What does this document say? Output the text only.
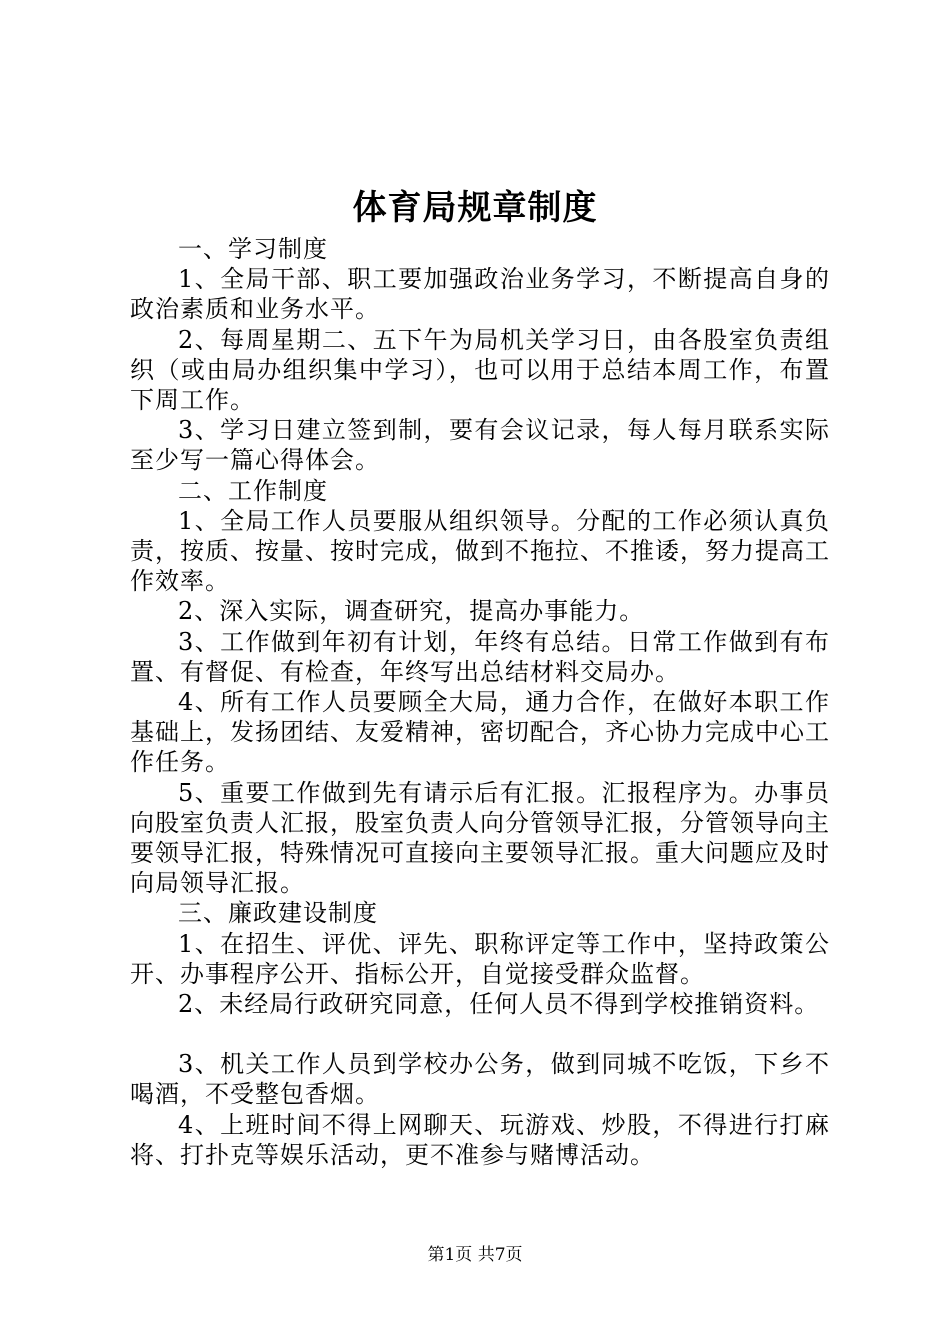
体育局规章制度

一、学习制度

1、全局干部、职工要加强政治业务学习，不断提高自身的政治素质和业务水平。

2、每周星期二、五下午为局机关学习日，由各股室负责组织（或由局办组织集中学习），也可以用于总结本周工作，布置下周工作。

3、学习日建立签到制，要有会议记录，每人每月联系实际至少写一篇心得体会。

二、工作制度

1、全局工作人员要服从组织领导。分配的工作必须认真负责，按质、按量、按时完成，做到不拖拉、不推诿，努力提高工作效率。

2、深入实际，调查研究，提高办事能力。

3、工作做到年初有计划，年终有总结。日常工作做到有布置、有督促、有检查，年终写出总结材料交局办。

4、所有工作人员要顾全大局，通力合作，在做好本职工作基础上，发扬团结、友爱精神，密切配合，齐心协力完成中心工作任务。

5、重要工作做到先有请示后有汇报。汇报程序为。办事员向股室负责人汇报，股室负责人向分管领导汇报，分管领导向主要领导汇报，特殊情况可直接向主要领导汇报。重大问题应及时向局领导汇报。

三、廉政建设制度

1、在招生、评优、评先、职称评定等工作中，坚持政策公开、办事程序公开、指标公开，自觉接受群众监督。

2、未经局行政研究同意，任何人员不得到学校推销资料。

3、机关工作人员到学校办公务，做到同城不吃饭，下乡不喝酒，不受整包香烟。

4、上班时间不得上网聊天、玩游戏、炒股，不得进行打麻将、打扑克等娱乐活动，更不准参与赌博活动。

第1页 共7页
